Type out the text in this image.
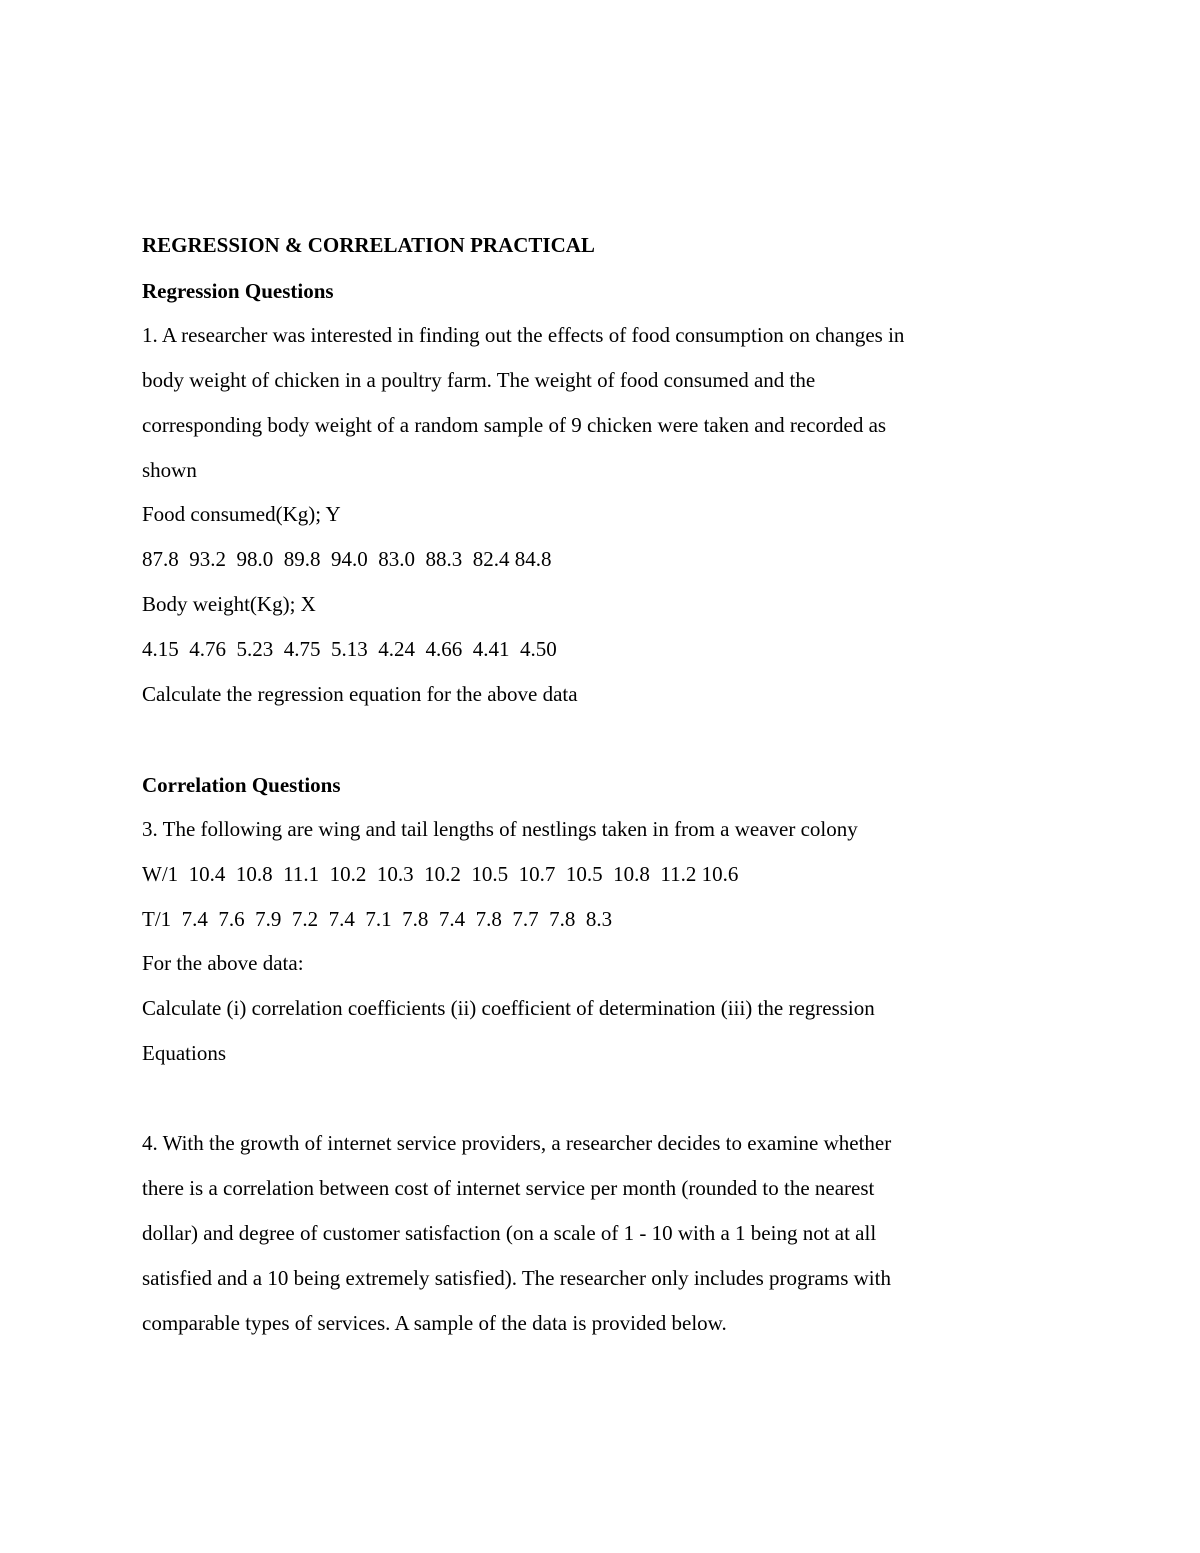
REGRESSION & CORRELATION PRACTICAL

Regression Questions

1. A researcher was interested in finding out the effects of food consumption on changes in

body weight of chicken in a poultry farm. The weight of food consumed and the

corresponding body weight of a random sample of 9 chicken were taken and recorded as

shown

Food consumed(Kg); Y

87.8  93.2  98.0  89.8  94.0  83.0  88.3  82.4 84.8

Body weight(Kg); X

4.15  4.76  5.23  4.75  5.13  4.24  4.66  4.41  4.50

Calculate the regression equation for the above data

Correlation Questions

3. The following are wing and tail lengths of nestlings taken in from a weaver colony

W/1  10.4  10.8  11.1  10.2  10.3  10.2  10.5  10.7  10.5  10.8  11.2 10.6

T/1  7.4  7.6  7.9  7.2  7.4  7.1  7.8  7.4  7.8  7.7  7.8  8.3

For the above data:

Calculate (i) correlation coefficients (ii) coefficient of determination (iii) the regression

Equations

4. With the growth of internet service providers, a researcher decides to examine whether

there is a correlation between cost of internet service per month (rounded to the nearest

dollar) and degree of customer satisfaction (on a scale of 1 - 10 with a 1 being not at all

satisfied and a 10 being extremely satisfied). The researcher only includes programs with

comparable types of services. A sample of the data is provided below.
